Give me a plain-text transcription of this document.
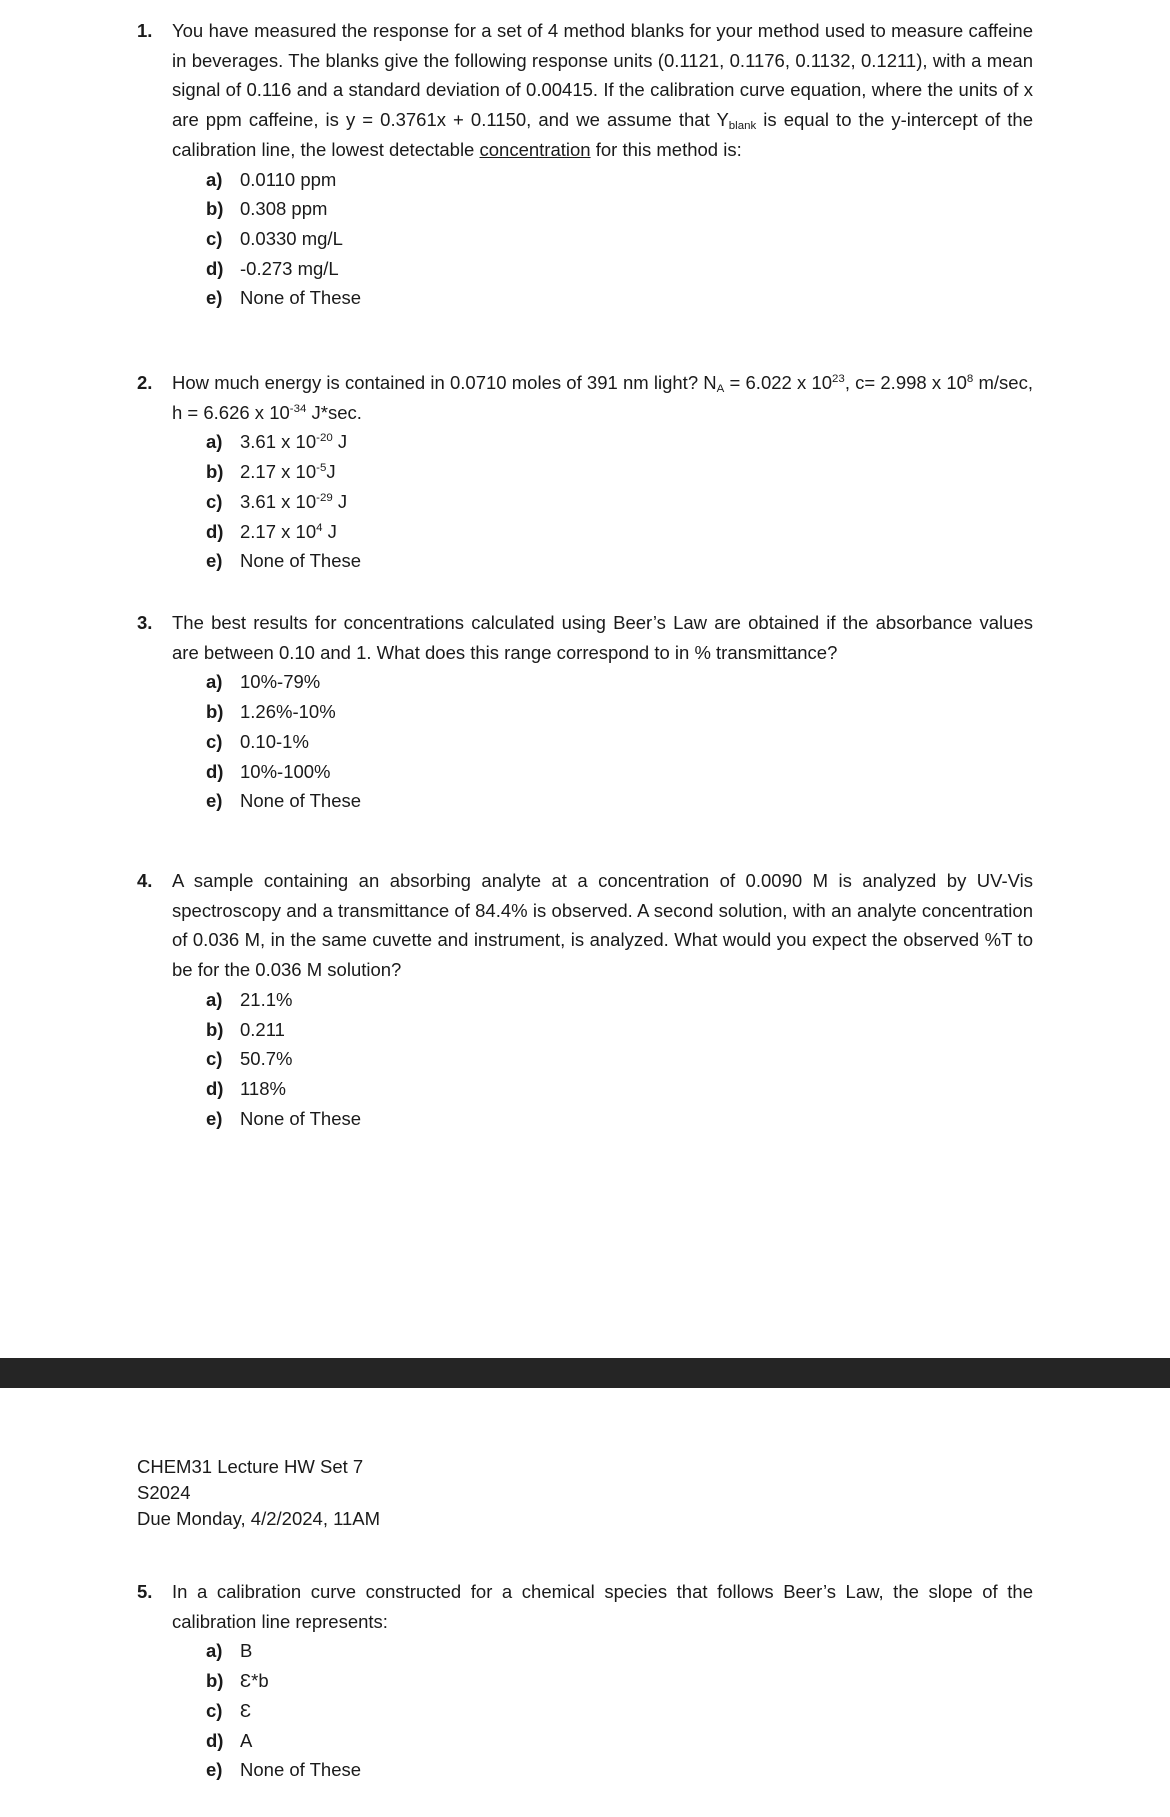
1.	You have measured the response for a set of 4 method blanks for your method used to measure caffeine in beverages. The blanks give the following response units (0.1121, 0.1176, 0.1132, 0.1211), with a mean signal of 0.116 and a standard deviation of 0.00415. If the calibration curve equation, where the units of x are ppm caffeine, is y = 0.3761x + 0.1150, and we assume that $Y_{blank}$ is equal to the y-intercept of the calibration line, the lowest detectable concentration for this method is:
a) 0.0110 ppm
b) 0.308 ppm
c) 0.0330 mg/L
d) -0.273 mg/L
e) None of These
2.	How much energy is contained in 0.0710 moles of 391 nm light? $N_A = 6.022$ x $10^{23}$, c= 2.998 x $10^8$ m/sec, h = 6.626 x $10^{-34}$ J*sec.
a) 3.61 x $10^{-20}$ J
b) 2.17 x $10^{-5}J$
c) 3.61 x $10^{-29}$ J
d) 2.17 x $10^4$ J
e) None of These
3.	The best results for concentrations calculated using Beer’s Law are obtained if the absorbance values are between 0.10 and 1. What does this range correspond to in % transmittance?
a) 10%-79%
b) 1.26%-10%
c) 0.10-1%
d) 10%-100%
e) None of These
4.	A sample containing an absorbing analyte at a concentration of 0.0090 M is analyzed by UV-Vis spectroscopy and a transmittance of 84.4% is observed. A second solution, with an analyte concentration of 0.036 M, in the same cuvette and instrument, is analyzed. What would you expect the observed %T to be for the 0.036 M solution?
a) 21.1%
b) 0.211
c) 50.7%
d) 118%
e) None of These
CHEM31 Lecture HW Set 7
S2024
Due Monday, 4/2/2024, 11AM
5.	In a calibration curve constructed for a chemical species that follows Beer’s Law, the slope of the calibration line represents:
a) B
b) Ɛ*b
c) Ɛ
d) A
e) None of These
